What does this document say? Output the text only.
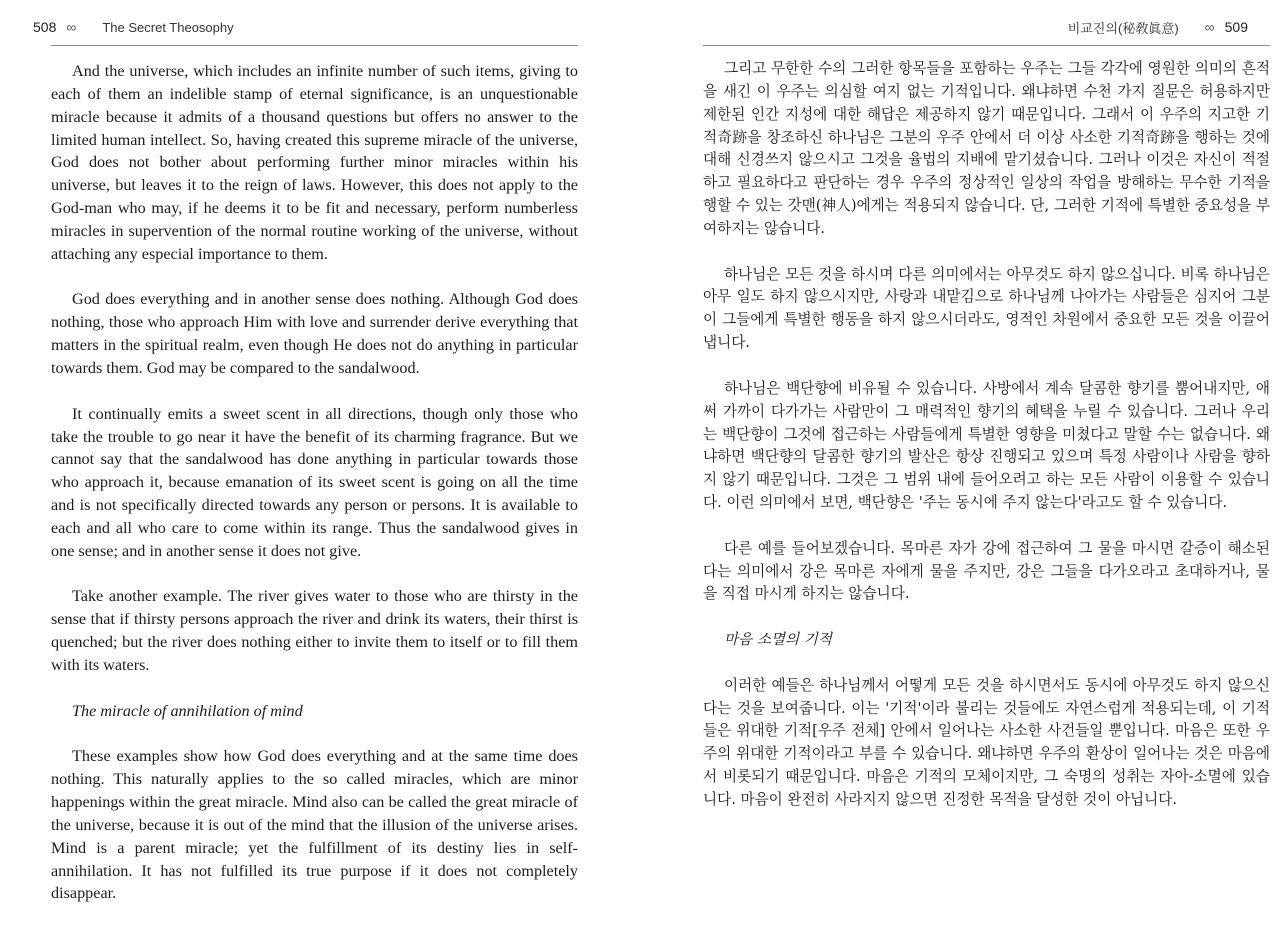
508 ∞ The Secret Theosophy

And the universe, which includes an infinite number of such items, giving to each of them an indelible stamp of eternal significance, is an unquestionable miracle because it admits of a thousand questions but offers no answer to the limited human intellect. So, having created this supreme miracle of the universe, God does not bother about performing further minor miracles within his universe, but leaves it to the reign of laws. However, this does not apply to the God-man who may, if he deems it to be fit and necessary, perform numberless miracles in supervention of the normal routine working of the universe, without attaching any especial importance to them.

God does everything and in another sense does nothing. Although God does nothing, those who approach Him with love and surrender derive everything that matters in the spiritual realm, even though He does not do anything in particular towards them. God may be compared to the sandalwood.

It continually emits a sweet scent in all directions, though only those who take the trouble to go near it have the benefit of its charming fragrance. But we cannot say that the sandalwood has done anything in particular towards those who approach it, because emanation of its sweet scent is going on all the time and is not specifically directed towards any person or persons. It is available to each and all who care to come within its range. Thus the sandalwood gives in one sense; and in another sense it does not give.

Take another example. The river gives water to those who are thirsty in the sense that if thirsty persons approach the river and drink its waters, their thirst is quenched; but the river does nothing either to invite them to itself or to fill them with its waters.

The miracle of annihilation of mind

These examples show how God does everything and at the same time does nothing. This naturally applies to the so called miracles, which are minor happenings within the great miracle. Mind also can be called the great miracle of the universe, because it is out of the mind that the illusion of the universe arises. Mind is a parent miracle; yet the fulfillment of its destiny lies in self-annihilation. It has not fulfilled its true purpose if it does not completely disappear.

비교진의(秘敎眞意) ∞ 509

그리고 무한한 수의 그러한 항목들을 포함하는 우주는 그들 각각에 영원한 의미의 흔적을 새긴 이 우주는 의심할 여지 없는 기적입니다. 왜냐하면 수천 가지 질문은 허용하지만 제한된 인간 지성에 대한 해답은 제공하지 않기 때문입니다. 그래서 이 우주의 지고한 기적奇跡을 창조하신 하나님은 그분의 우주 안에서 더 이상 사소한 기적奇跡을 행하는 것에 대해 신경쓰지 않으시고 그것을 율법의 지배에 맡기셨습니다. 그러나 이것은 자신이 적절하고 필요하다고 판단하는 경우 우주의 정상적인 일상의 작업을 방해하는 무수한 기적을 행할 수 있는 갓맨(神人)에게는 적용되지 않습니다. 단, 그러한 기적에 특별한 중요성을 부여하지는 않습니다.

하나님은 모든 것을 하시며 다른 의미에서는 아무것도 하지 않으십니다. 비록 하나님은 아무 일도 하지 않으시지만, 사랑과 내맡김으로 하나님께 나아가는 사람들은 심지어 그분이 그들에게 특별한 행동을 하지 않으시더라도, 영적인 차원에서 중요한 모든 것을 이끌어 냅니다.

하나님은 백단향에 비유될 수 있습니다. 사방에서 계속 달콤한 향기를 뿜어내지만, 애써 가까이 다가가는 사람만이 그 매력적인 향기의 혜택을 누릴 수 있습니다. 그러나 우리는 백단향이 그것에 접근하는 사람들에게 특별한 영향을 미쳤다고 말할 수는 없습니다. 왜냐하면 백단향의 달콤한 향기의 발산은 항상 진행되고 있으며 특정 사람이나 사람을 향하지 않기 때문입니다. 그것은 그 범위 내에 들어오려고 하는 모든 사람이 이용할 수 있습니다. 이런 의미에서 보면, 백단향은 '주는 동시에 주지 않는다'라고도 할 수 있습니다.

다른 예를 들어보겠습니다. 목마른 자가 강에 접근하여 그 물을 마시면 갈증이 해소된다는 의미에서 강은 목마른 자에게 물을 주지만, 강은 그들을 다가오라고 초대하거나, 물을 직접 마시게 하지는 않습니다.

마음 소멸의 기적

이러한 예들은 하나님께서 어떻게 모든 것을 하시면서도 동시에 아무것도 하지 않으신다는 것을 보여줍니다. 이는 '기적'이라 불리는 것들에도 자연스럽게 적용되는데, 이 기적들은 위대한 기적[우주 전체] 안에서 일어나는 사소한 사건들일 뿐입니다. 마음은 또한 우주의 위대한 기적이라고 부를 수 있습니다. 왜냐하면 우주의 환상이 일어나는 것은 마음에서 비롯되기 때문입니다. 마음은 기적의 모체이지만, 그 숙명의 성취는 자아-소멸에 있습니다. 마음이 완전히 사라지지 않으면 진정한 목적을 달성한 것이 아닙니다.
